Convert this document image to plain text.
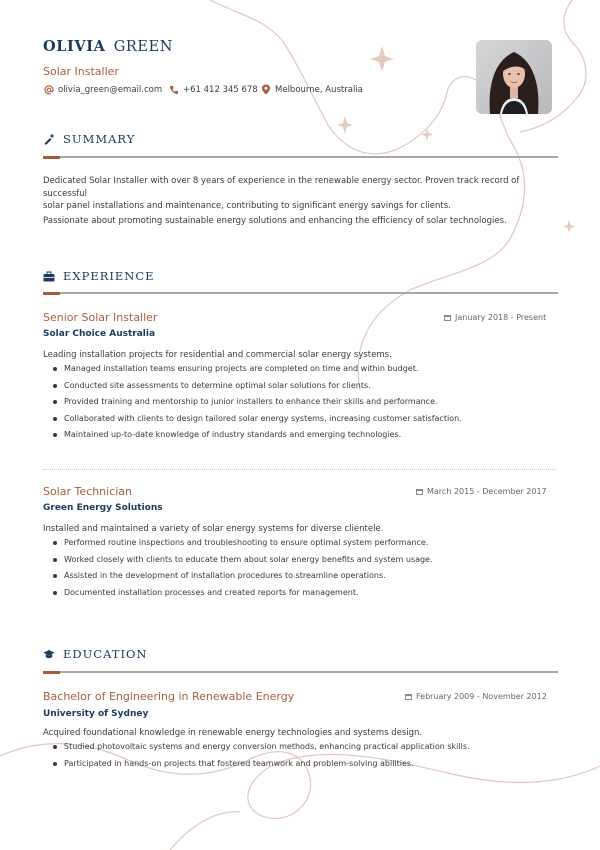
OLIVIA GREEN
Solar Installer
olivia_green@email.com +61 412 345 678 Melbourne, Australia
SUMMARY
Dedicated Solar Installer with over 8 years of experience in the renewable energy sector. Proven track record of successful
solar panel installations and maintenance, contributing to significant energy savings for clients.
Passionate about promoting sustainable energy solutions and enhancing the efficiency of solar technologies.
EXPERIENCE
Senior Solar Installer	January 2018 - Present
Solar Choice Australia
Leading installation projects for residential and commercial solar energy systems.
Managed installation teams ensuring projects are completed on time and within budget.
Conducted site assessments to determine optimal solar solutions for clients.
Provided training and mentorship to junior installers to enhance their skills and performance.
Collaborated with clients to design tailored solar energy systems, increasing customer satisfaction.
Maintained up-to-date knowledge of industry standards and emerging technologies.
Solar Technician	March 2015 - December 2017
Green Energy Solutions
Installed and maintained a variety of solar energy systems for diverse clientele.
Performed routine inspections and troubleshooting to ensure optimal system performance.
Worked closely with clients to educate them about solar energy benefits and system usage.
Assisted in the development of installation procedures to streamline operations.
Documented installation processes and created reports for management.
EDUCATION
Bachelor of Engineering in Renewable Energy	February 2009 - November 2012
University of Sydney
Acquired foundational knowledge in renewable energy technologies and systems design.
Studied photovoltaic systems and energy conversion methods, enhancing practical application skills.
Participated in hands-on projects that fostered teamwork and problem-solving abilities.
